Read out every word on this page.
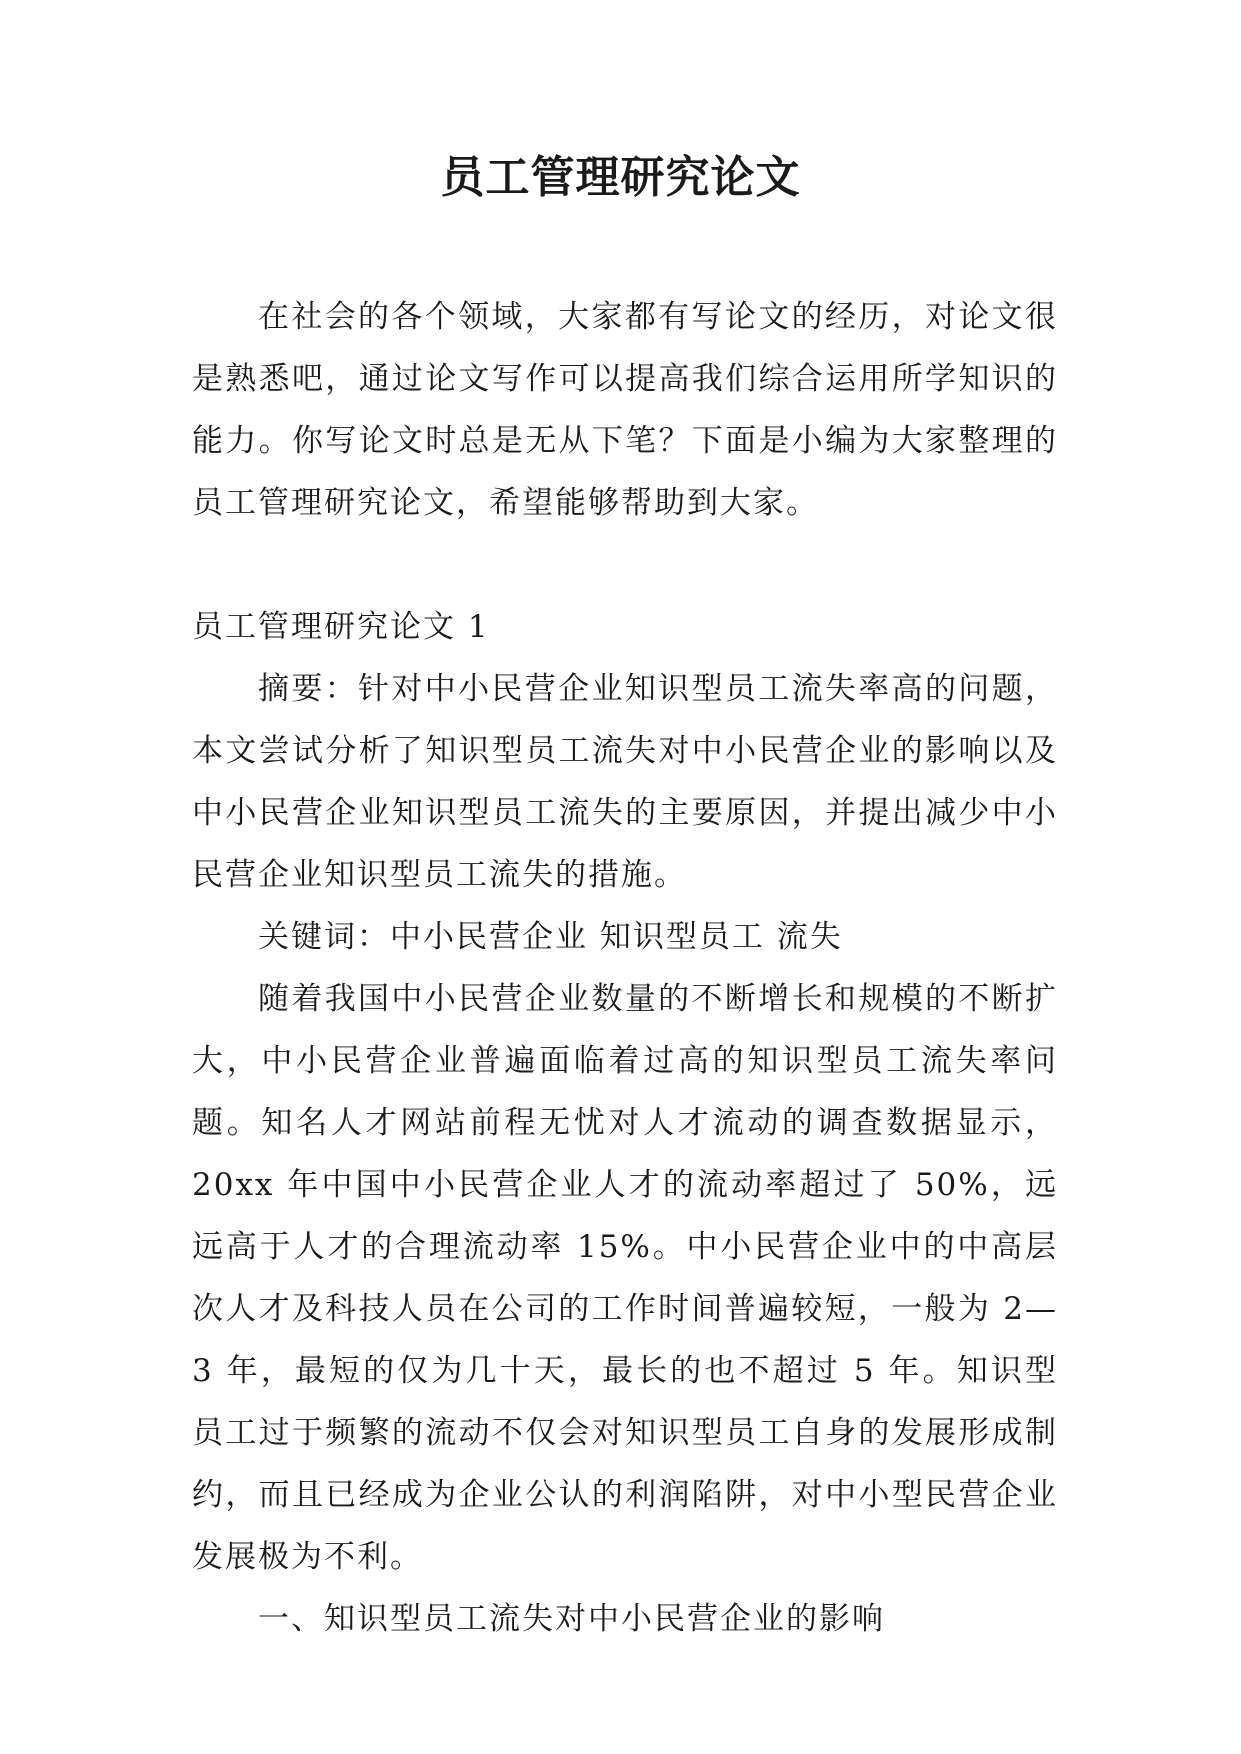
员工管理研究论文

在社会的各个领域，大家都有写论文的经历，对论文很是熟悉吧，通过论文写作可以提高我们综合运用所学知识的能力。你写论文时总是无从下笔？下面是小编为大家整理的员工管理研究论文，希望能够帮助到大家。

员工管理研究论文 1

摘要：针对中小民营企业知识型员工流失率高的问题，本文尝试分析了知识型员工流失对中小民营企业的影响以及中小民营企业知识型员工流失的主要原因，并提出减少中小民营企业知识型员工流失的措施。

关键词：中小民营企业 知识型员工 流失

随着我国中小民营企业数量的不断增长和规模的不断扩大，中小民营企业普遍面临着过高的知识型员工流失率问题。知名人才网站前程无忧对人才流动的调查数据显示，20xx 年中国中小民营企业人才的流动率超过了 50%，远远高于人才的合理流动率 15%。中小民营企业中的中高层次人才及科技人员在公司的工作时间普遍较短，一般为 2—3 年，最短的仅为几十天，最长的也不超过 5 年。知识型员工过于频繁的流动不仅会对知识型员工自身的发展形成制约，而且已经成为企业公认的利润陷阱，对中小型民营企业发展极为不利。

一、知识型员工流失对中小民营企业的影响
